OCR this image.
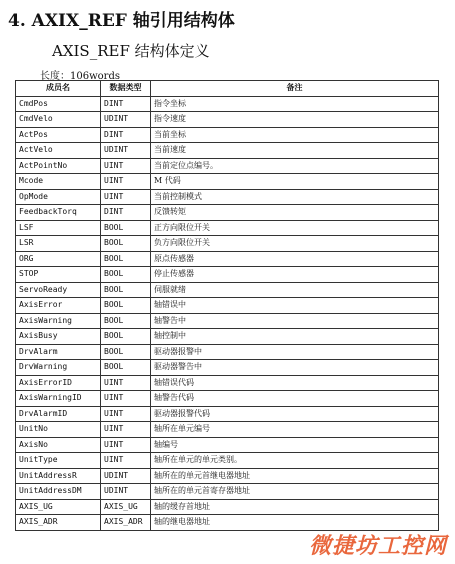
4. AXIX_REF 轴引用结构体
AXIS_REF 结构体定义
长度：106words
成员名	数据类型	备注
CmdPos	DINT	指令坐标
CmdVelo	UDINT	指令速度
ActPos	DINT	当前坐标
ActVelo	UDINT	当前速度
ActPointNo	UINT	当前定位点编号。
Mcode	UINT	M 代码
OpMode	UINT	当前控制模式
FeedbackTorq	DINT	反馈转矩
LSF	BOOL	正方向限位开关
LSR	BOOL	负方向限位开关
ORG	BOOL	原点传感器
STOP	BOOL	停止传感器
ServoReady	BOOL	伺服就绪
AxisError	BOOL	轴错误中
AxisWarning	BOOL	轴警告中
AxisBusy	BOOL	轴控制中
DrvAlarm	BOOL	驱动器报警中
DrvWarning	BOOL	驱动器警告中
AxisErrorID	UINT	轴错误代码
AxisWarningID	UINT	轴警告代码
DrvAlarmID	UINT	驱动器报警代码
UnitNo	UINT	轴所在单元编号
AxisNo	UINT	轴编号
UnitType	UINT	轴所在单元的单元类别。
UnitAddressR	UDINT	轴所在的单元首继电器地址
UnitAddressDM	UDINT	轴所在的单元首寄存器地址
AXIS_UG	AXIS_UG	轴的缓存首地址
AXIS_ADR	AXIS_ADR	轴的继电器地址
微捷坊工控网
